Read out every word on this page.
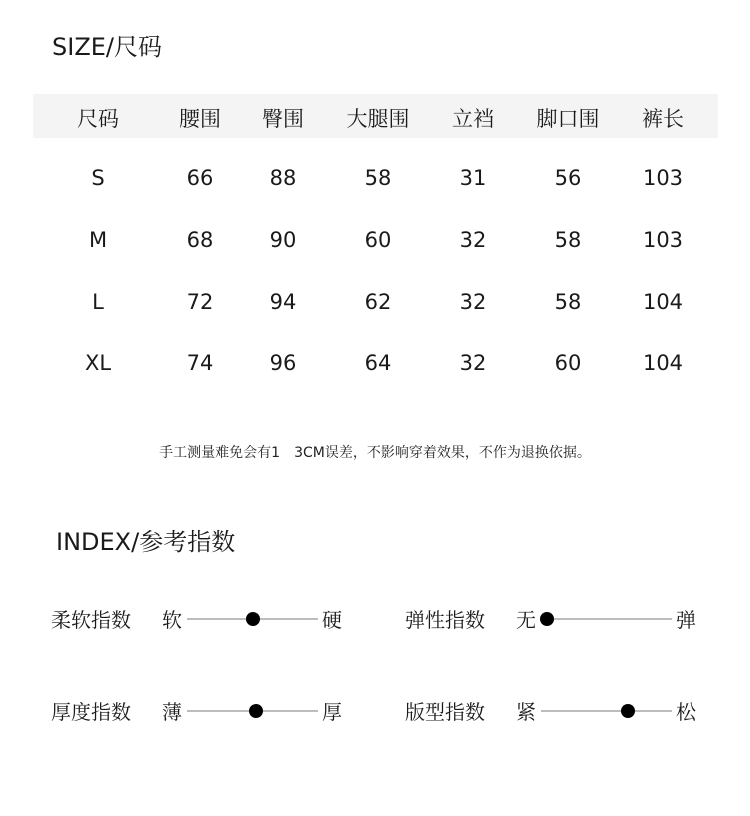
SIZE/尺码
尺码	腰围	臀围	大腿围	立裆	脚口围	裤长
S	66	88	58	31	56	103
M	68	90	60	32	58	103
L	72	94	62	32	58	104
XL	74	96	64	32	60	104
手工测量难免会有1　3CM误差，不影响穿着效果，不作为退换依据。
INDEX/参考指数
柔软指数 软	硬	弹性指数 无	弹
厚度指数 薄	厚	版型指数 紧	松
